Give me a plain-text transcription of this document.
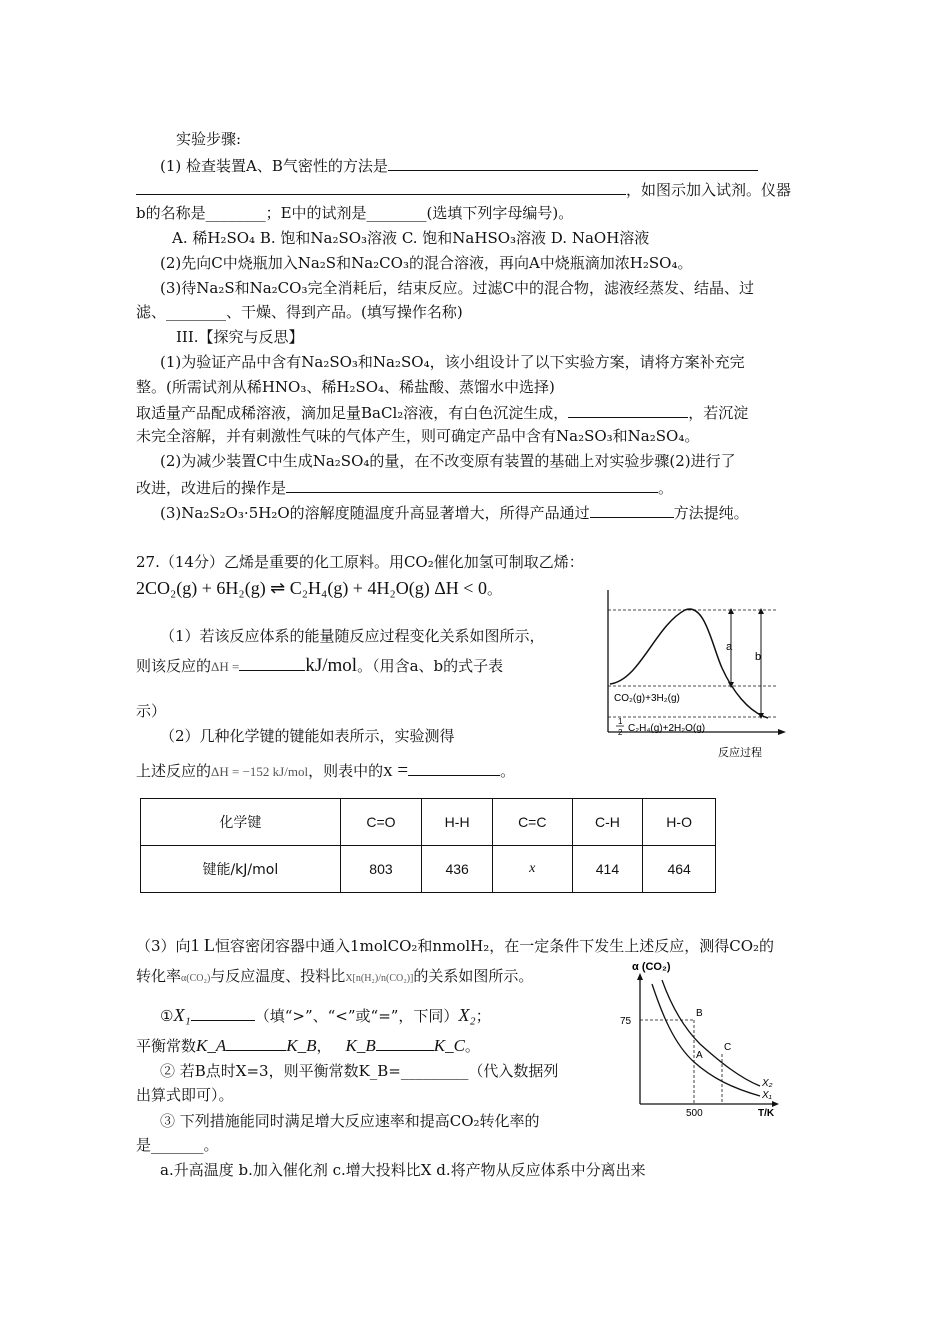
实验步骤:
(1) 检查装置A、B气密性的方法是
，如图示加入试剂。仪器
b的名称是________；E中的试剂是________(选填下列字母编号)。
A. 稀H₂SO₄ B. 饱和Na₂SO₃溶液 C. 饱和NaHSO₃溶液 D. NaOH溶液
(2)先向C中烧瓶加入Na₂S和Na₂CO₃的混合溶液，再向A中烧瓶滴加浓H₂SO₄。
(3)待Na₂S和Na₂CO₃完全消耗后，结束反应。过滤C中的混合物，滤液经蒸发、结晶、过
滤、________、干燥、得到产品。(填写操作名称)
III.【探究与反思】
(1)为验证产品中含有Na₂SO₃和Na₂SO₄，该小组设计了以下实验方案，请将方案补充完
整。(所需试剂从稀HNO₃、稀H₂SO₄、稀盐酸、蒸馏水中选择)
取适量产品配成稀溶液，滴加足量BaCl₂溶液，有白色沉淀生成，	，若沉淀
未完全溶解，并有刺激性气味的气体产生，则可确定产品中含有Na₂SO₃和Na₂SO₄。
(2)为减少装置C中生成Na₂SO₄的量，在不改变原有装置的基础上对实验步骤(2)进行了
改进，改进后的操作是	。
(3)Na₂S₂O₃·5H₂O的溶解度随温度升高显著增大，所得产品通过	方法提纯。
27.（14分）乙烯是重要的化工原料。用CO₂催化加氢可制取乙烯：
2CO₂(g) + 6H₂(g) ⇌ C₂H₄(g) + 4H₂O(g) ΔH < 0。
（1）若该反应体系的能量随反应过程变化关系如图所示，
则该反应的ΔH =	kJ/mol。（用含a、b的式子表
示）
（2）几种化学键的键能如表所示，实验测得
上述反应的ΔH = −152 kJ/mol，则表中的x =	。
a
b
CO₂(g)+3H₂(g)
1
2 C₂H₄(g)+2H₂O(g)
反应过程
化学键	C=O	H-H	C=C	C-H	H-O
键能/kJ/mol	803	436	x	414	464
（3）向1 L恒容密闭容器中通入1molCO₂和nmolH₂，在一定条件下发生上述反应，测得CO₂的
转化率α(CO₂)与反应温度、投料比X[n(H₂)/n(CO₂)]的关系如图所示。
①X₁	（填“>”、“<”或“=”，下同）X₂；
平衡常数K_A	K_B， K_B	K_C。
② 若B点时X=3，则平衡常数K_B=_________（代入数据列
出算式即可）。
③ 下列措施能同时满足增大反应速率和提高CO₂转化率的
是_______。
a.升高温度 b.加入催化剂 c.增大投料比X d.将产物从反应体系中分离出来
α (CO₂)
75
500	T/K
B
A
C
X₂
X₁
